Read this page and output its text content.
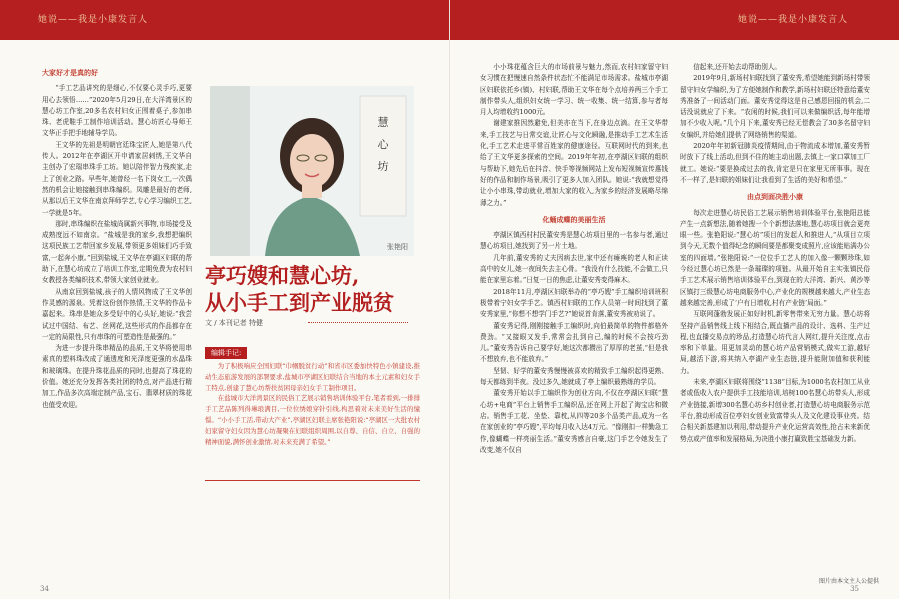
她说——我是小康发言人
大家好才是真的好

“手工艺品讲究的是细心,不仅要心灵手巧,更要用心去领悟……”2020年5月29日,在大洋湾景区的慧心坊工作室,20多名农村妇女正围着桌子,参加串珠、老虎鞋手工制作培训活动。慧心坊匠心导师王文华正手把手地辅导学员。

王文华的先祖是明朝官廷珠宝匠人,她是第八代传人。2012年在亭湖区开申请家居刺绣,王文华自主创办了宏瑞串珠手工坊。她以陪伴智力残疾家,走上了创业之路。早些年,她曾经一名下岗女工,一次偶然的机会让她接触到串珠编织。凤雕是最好的老师,从那以后王文华在南京拜师学艺,专心学习编织工艺,一学就是5年。

那时,串珠编织在盐城尚属新兴事物,市场接受及成熟度远不如南京。“盐城是我的家乡,我想把编织这项民族工艺带回家乡发展,带领更多姐妹们巧手致富,一起奔小康。”回到盐城,王文华在亭湖区妇联的帮助下,在慧心坊成立了培训工作室,定期免费为农村妇女教授各类编织技术,带领大家创业就业。

从南京回到盐城,孩子的人情风物成了王文华创作灵感的源泉。凭着这份创作热情,王文华的作品卡嘉起来。珠串是她众多受好中的心头好,她说:“我尝试过中国结、布艺、丝网花,这些形式的作品都存在一定的局限性,只有串珠的可塑造性是最强的。”

为进一步提升珠串精品的品质,王文华将使用串素真的塑料珠改成了通透度和光泽度更强的水晶珠和玻璃珠。在提升珠花品质的同时,也提高了珠花的价值。她还充分发挥各类社团的特点,对产品进行精加工,作品多次高端定制产品,宝石、翡翠材质的珠花也值受欢迎。

慧
心
坊
张艳阳
亭巧嫂和慧心坊,
从小手工到产业脱贫
文 / 本刊记者 特健
编辑手记:

为了积极响应全国妇联“巾帼脱贫行动”和省市区委加快特色小镇建设,推动生态旅游发展的部署要求,盐城市亭湖区妇联结合当地的本土元素和妇女手工特点,创建了慧心坊帮扶贫困母亲妇女手工制作项目。

在盐城市大洋湾景区的民俗工艺展示销售培训体验平台,笔者看到,一排排手工艺品陈列得琳琅满目,一位位绣娘穿针引线,构思着对未来美好生活的憧憬。“小小手工活,带动大产业”,亭湖区妇联主席张艳阳说:“亭湖区一大批农村妇家留守妇女因为慧心坊凝聚在妇联组织周围,以自尊、自信、自立、自强的精神面貌,满怀创业激情,对未来充满了希望。”

34
她说——我是小康发言人

小小珠花蕴含巨大的市场前景与魅力,然而,农村妇家留守妇女习惯在把慢速自然条件状态忙不能满足市场需求。盐城市亭湖区妇联依托乡(镇)、村妇联,帮助王文华在每个点培养两三个手工制作带头人,组织妇女统一学习、统一收集、统一结算,参与者每月人均增收约1000元。

谢建家推因然避免,但美亦在当下,在身边点滴。在王文华带来,手工技艺与日常交谊,让匠心与文化瞬融,是推动手工艺术生活化,手工艺术走进平常百姓家的健康途径。互联网时代的到来,也给了王文华更多探索的空间。2019年年初,在亭湖区妇联的组织与帮助下,她先后在抖音、快手等视频网站上发布短视频宣传惠钱好的作品和制作场景,吸引了更多人加入团队。她说:“我就想觉得让小小串珠,带动就业,增加大家的收入,为家乡的经济发展略尽绵薄之力。”

化蛹成蝶的美丽生活

亭湖区镇西村村民董安秀是慧心坊项目里的一名参与者,通过慧心坊项目,她找到了另一片土地。

几年前,董安秀的丈夫因病去世,家中还有瘫痪的老人和正读高中的女儿,她一夜间失去主心骨。“我没有什么技能,不会做工,只能在家里忘着。”日复一日的焦虑,让董安秀变得麻木。

2018年11月,亭湖区妇联举办的“亭巧嫂”手工编织培训班积极带着宁妇女学手艺。镇西村妇联的工作人员第一时间找到了董安秀家里,“你想不想学门手艺?”她说首肯落,董安秀被劝说了。

董安秀记得,刚刚接触手工编织时,向伯最简单的物件都格外费劲。“又接眼又发手,常常会扎到自己,编的时候不会按巧劲儿。”董安秀告诉自己要学好,她这次都攒出了厚厚的老茧,“但是我不想放弃,也不能放弃。”

坚韧、好学的董安秀慢慢被喜欢的精致手工编织起得更熟、每天都练到半夜。没过多久,她就成了亭上编织最熟练的学员。

董安秀开始以手工编织作为创业方向,不仅在亭湖区妇联“慧心坊+电商”平台上销售手工编织品,还在网上开起了淘宝店和微店。销售手工花、坐垫、靠枕,从四等20多个品类产品,成为一名在家创业的“亭巧嫂”,平均每月收入达4万元。“像刚扣一样勤急工作,像蝴蝶一样亮丽生活。”董安秀感言自豪,这门手艺令她发生了改变,她不仅自

信起来,还开始去动帮助别人。

2019年9月,新场村妇联找到了董安秀,希望她能到新场村带领留守妇女学编织,为了方便她制作和教学,新场村妇联还特意给董安秀准备了一间活动门面。董安秀觉得这是自己感恩回报的机会,二话没说就应了下来。“农闲的时候,我们可以来做编织活,每年能增加不少收入呢。”几个月下来,董安秀已经无偿教会了30多名留守妇女编织,并给她们提供了网络销售的渠道。

2020年年初新冠肺炎疫情期间,由于物流成本增加,董安秀暂时放下了线上活动,但到不住的她主动出题,去镇上一家口罩加工厂就工。她说:“要是换成过去的我,肯定是只在家里无所事事。现在不一样了,是妇联的姐妹们让我看到了生活的美好和希望。”

由点到面决胜小康

每次走进慧心坊民俗工艺展示销售培训体验平台,张艳阳总能产生一点新想法,随着她搜一个个新想法落地,慧心坊项目就会更亮眼一些。张艳阳说:“慧心坊”项目的发起人和推进人,“从项目立项到今天,无数个值得纪念的瞬间要是都聚变成照片,应该能贴满办公室的四面墙。”张艳阳说:“一位位手工艺人的加入像一颗颗珍珠,如今经过慧心坊已然是一条璀璨的项链。从最开始自主实张镇民俗手工艺术展示销售培训体验平台,到现在的大洋湾、新兴、黄沙等区镇打三级慧心坊电商服务中心,产业化的规模越来越大,产业生态越来越完善,形成了‘户有日增收,村有产业链’局面。”

互联网蓬勃发展正如好时机,新零售带来无穷力量。慧心坊将坚持产品销售线上线下相结合,既直播产品的设计、选料、生产过程,也直播交易点的珍品,打造慧心坊代言人网红,提升关注度,点击率和下单量。用更加灵动的慧心坊产品营销模式,做实工游,越好局,越活下游,将其纳入亭湖产业生态链,提升能附加值和获利能力。

未来,亭湖区妇联将围绕“1138”目标,为1000名农村加工从业者或低收入农户提供手工技能培训,培树100名慧心坊带头人,形成产业链接,新增300名慧心坊乡村创业者,打造慧心坊电商服务示范平台,推动形成百位亭妇女创业致富带头人及文化建设事业亮。结合相关新基建加以利用,带动提升产业化运营高效性,抢占未来新优势点或产值率和发展格局,为决胜小康打赢致胜宝基础发力新。

图片由本文主人公提供
35
